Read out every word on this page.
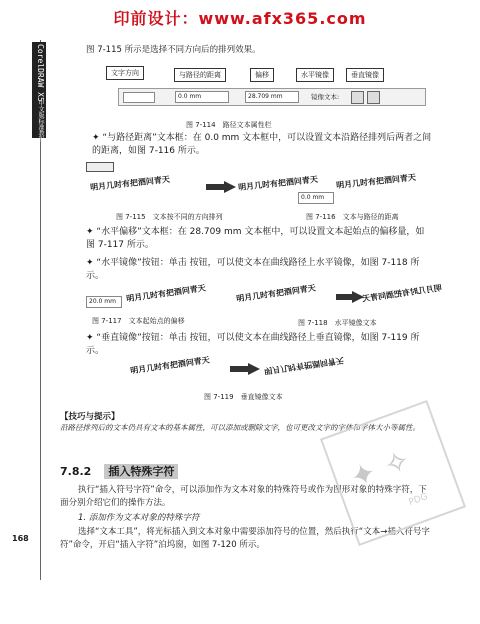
印前设计：www.afx365.com
CorelDRAW X5
中文版标准教程
图 7-115 所示是选择不同方向后的排列效果。
文字方向	与路径的距离	偏移	水平镜像	垂直镜像
0.0 mm	28.709 mm	镜像文本:
图 7-114　路径文本属性栏
✦ “与路径距离”文本框：在 0.0 mm 文本框中，可以设置文本沿路径排列后两者之间的距离，如图 7-116 所示。
明月几时有把酒问青天	明月几时有把酒问青天
0.0 mm
明月几时有把酒问青天
图 7-115　文本按不同的方向排列	图 7-116　文本与路径的距离
✦ “水平偏移”文本框：在 28.709 mm 文本框中，可以设置文本起始点的偏移量，如图 7-117 所示。
✦ “水平镜像”按钮：单击 按钮，可以使文本在曲线路径上水平镜像，如图 7-118 所示。
20.0 mm	明月几时有把酒问青天	明月几时有把酒问青天	明月几时有把酒问青天
图 7-117　文本起始点的偏移	图 7-118　水平镜像文本
✦ “垂直镜像”按钮：单击 按钮，可以使文本在曲线路径上垂直镜像，如图 7-119 所示。
明月几时有把酒问青天	明月几时有把酒问青天
图 7-119　垂直镜像文本
【技巧与提示】
沿路径排列后的文本仍具有文本的基本属性，可以添加或删除文字，也可更改文字的字体和字体大小等属性。
7.8.2 插入特殊字符
执行“插入符号字符”命令，可以添加作为文本对象的特殊符号或作为图形对象的特殊字符，下面分别介绍它们的操作方法。
1. 添加作为文本对象的特殊字符
选择“文本工具”，将光标插入到文本对象中需要添加符号的位置，然后执行“文本→插入符号字符”命令，开启“插入字符”泊坞窗，如图 7-120 所示。
168
✦ ✧
PDG
